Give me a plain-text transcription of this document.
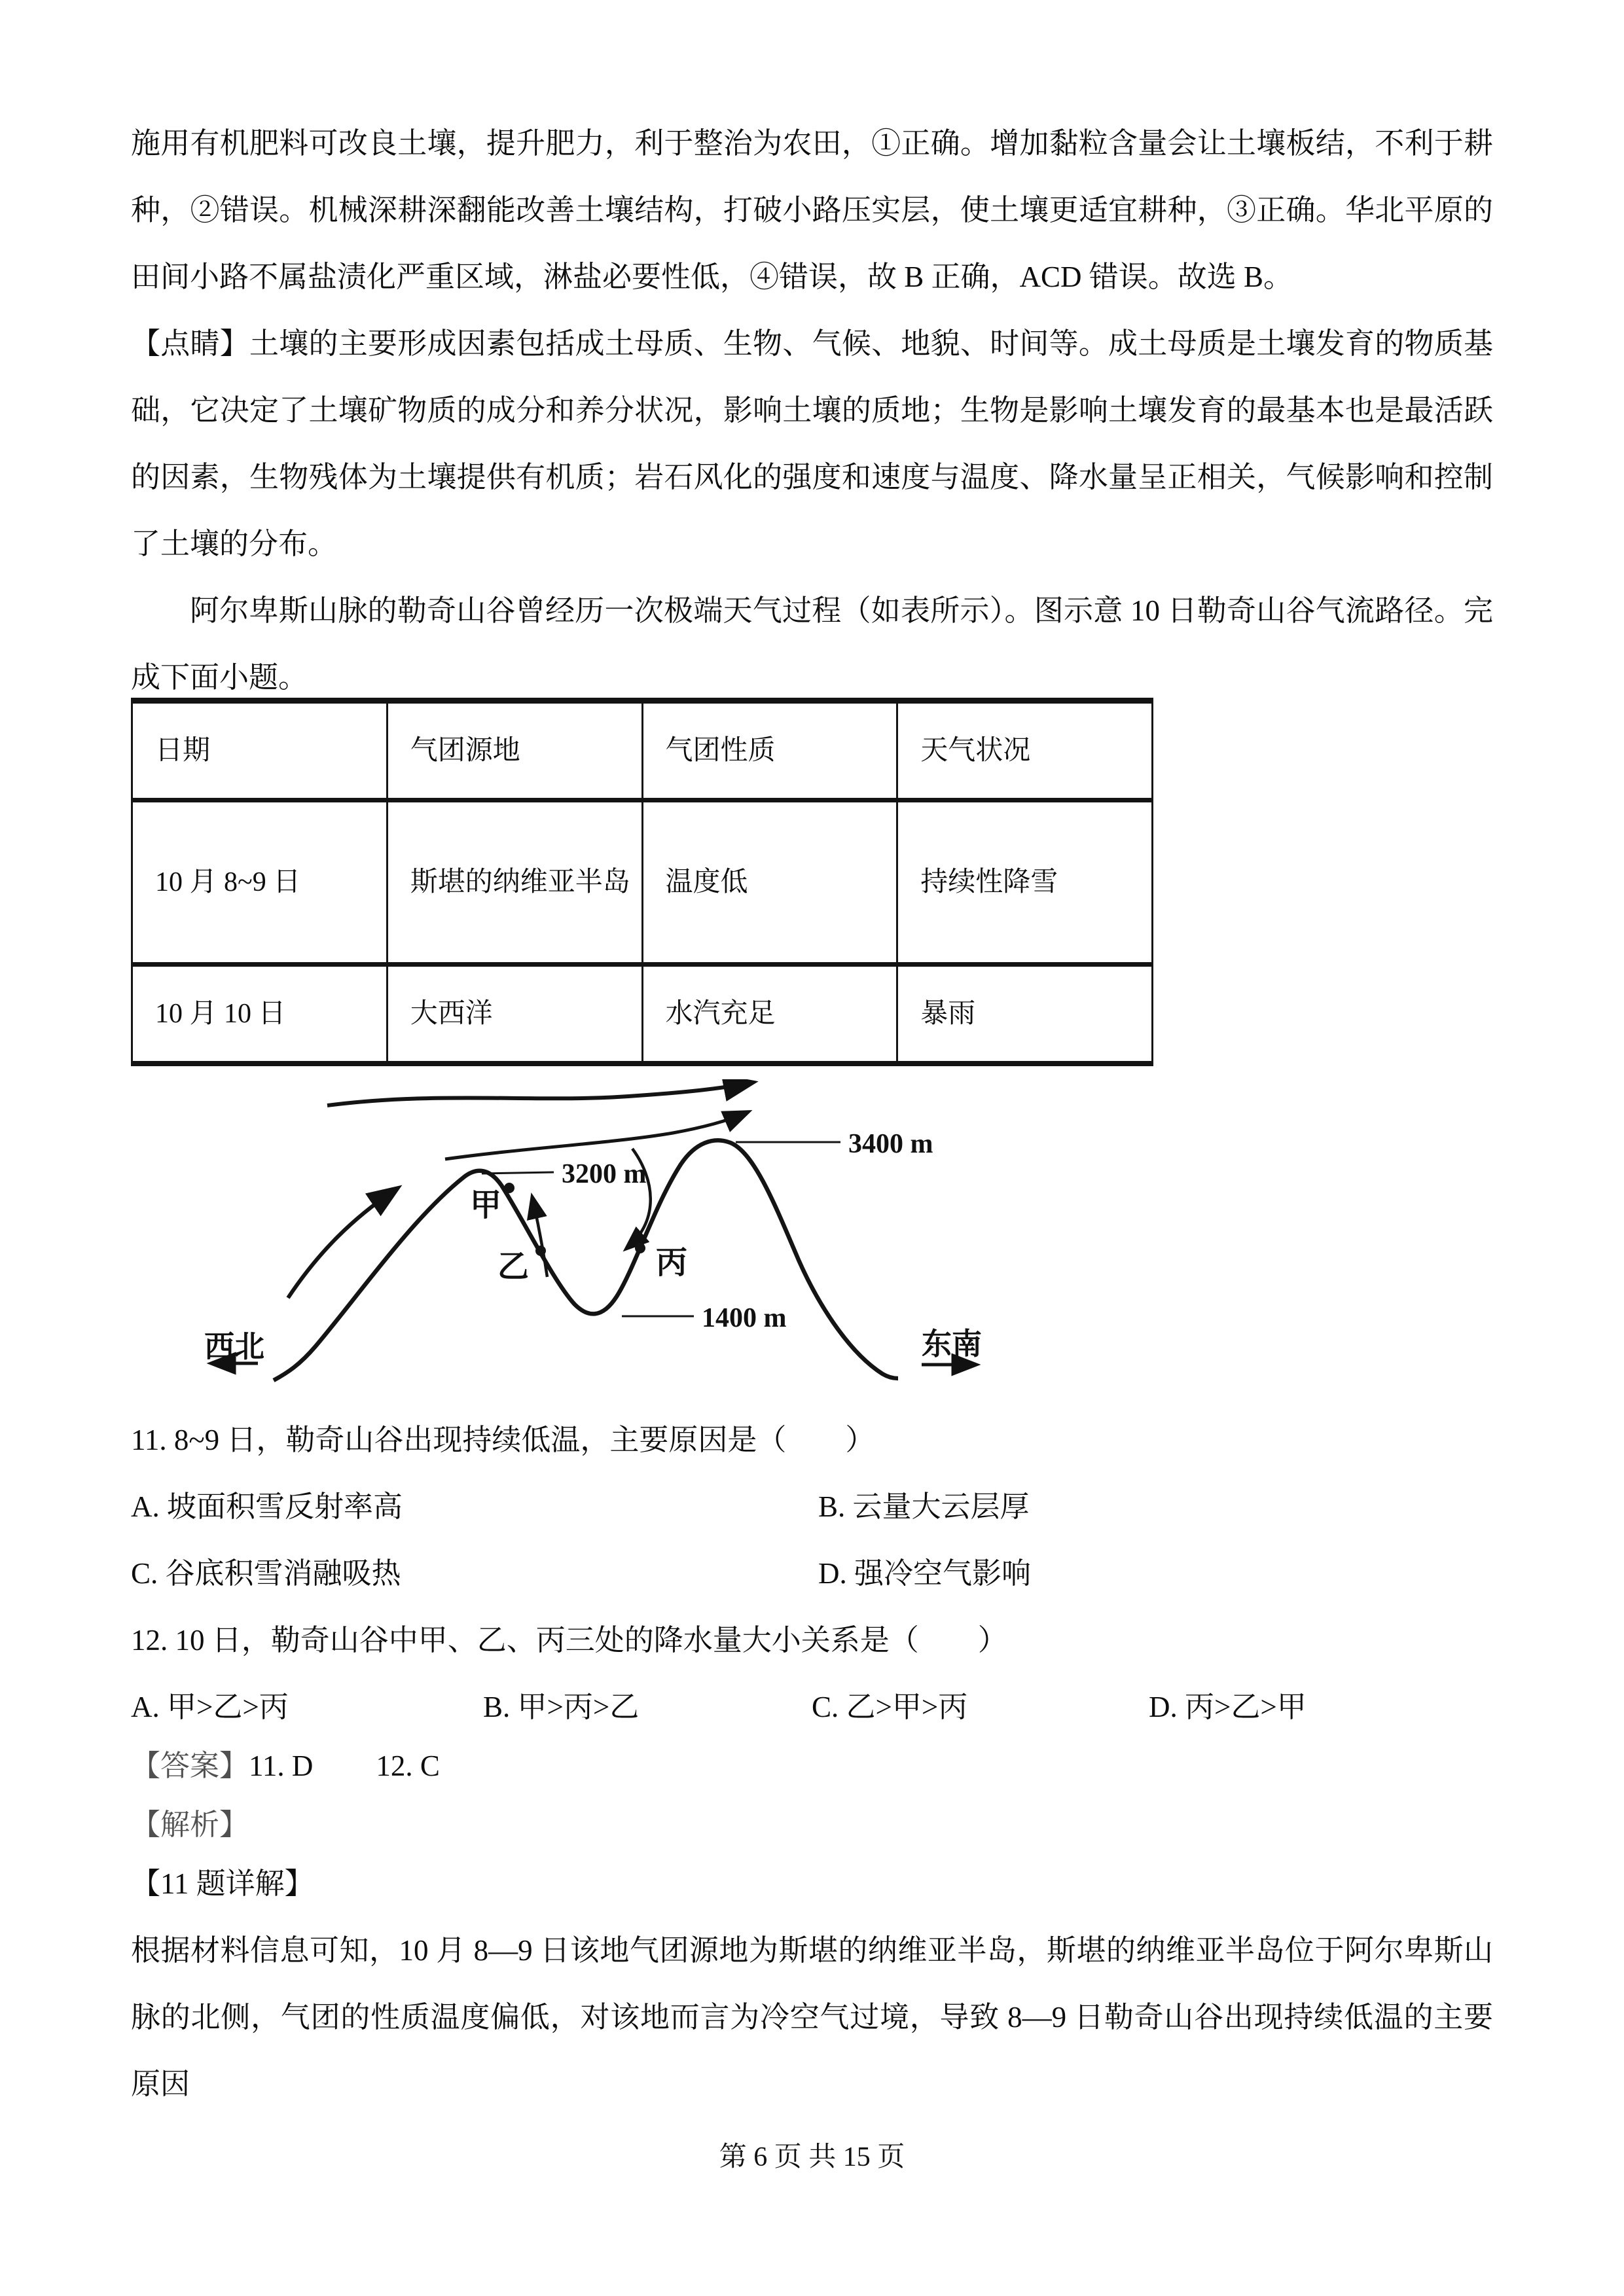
施用有机肥料可改良土壤，提升肥力，利于整治为农田，①正确。增加黏粒含量会让土壤板结，不利于耕种，②错误。机械深耕深翻能改善土壤结构，打破小路压实层，使土壤更适宜耕种，③正确。华北平原的田间小路不属盐渍化严重区域，淋盐必要性低，④错误，故 B 正确，ACD 错误。故选 B。

【点睛】土壤的主要形成因素包括成土母质、生物、气候、地貌、时间等。成土母质是土壤发育的物质基础，它决定了土壤矿物质的成分和养分状况，影响土壤的质地；生物是影响土壤发育的最基本也是最活跃的因素，生物残体为土壤提供有机质；岩石风化的强度和速度与温度、降水量呈正相关，气候影响和控制了土壤的分布。

阿尔卑斯山脉的勒奇山谷曾经历一次极端天气过程（如表所示）。图示意 10 日勒奇山谷气流路径。完成下面小题。

日期	气团源地	气团性质	天气状况
10 月 8~9 日	斯堪的纳维亚半岛	温度低	持续性降雪
10 月 10 日	大西洋	水汽充足	暴雨
3200 m
3400 m
1400 m
甲
乙	丙
西北	东南

11. 8~9 日，勒奇山谷出现持续低温，主要原因是（　　）

A. 坡面积雪反射率高	B. 云量大云层厚
C. 谷底积雪消融吸热	D. 强冷空气影响

12. 10 日，勒奇山谷中甲、乙、丙三处的降水量大小关系是（　　）

A. 甲>乙>丙	B. 甲>丙>乙	C. 乙>甲>丙	D. 丙>乙>甲
【答案】11. D 12. C
【解析】
【11 题详解】

根据材料信息可知，10 月 8—9 日该地气团源地为斯堪的纳维亚半岛，斯堪的纳维亚半岛位于阿尔卑斯山脉的北侧，气团的性质温度偏低，对该地而言为冷空气过境，导致 8—9 日勒奇山谷出现持续低温的主要原因

第 6 页 共 15 页
